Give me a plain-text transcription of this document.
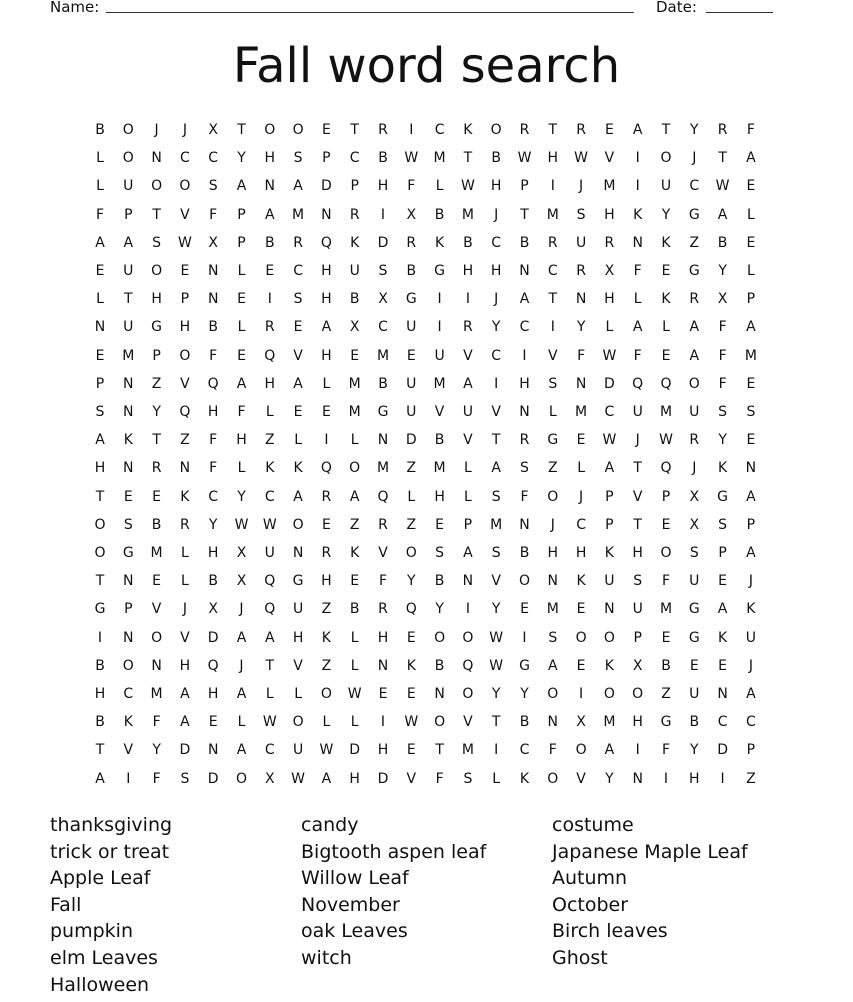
Name:	Date:
Fall word search
B	O	J	J	X	T	O	O	E	T	R	I	C	K	O	R	T	R	E	A	T	Y	R	F
L	O	N	C	C	Y	H	S	P	C	B	W	M	T	B	W	H	W	V	I	O	J	T	A
L	U	O	O	S	A	N	A	D	P	H	F	L	W	H	P	I	J	M	I	U	C	W	E
F	P	T	V	F	P	A	M	N	R	I	X	B	M	J	T	M	S	H	K	Y	G	A	L
A	A	S	W	X	P	B	R	Q	K	D	R	K	B	C	B	R	U	R	N	K	Z	B	E
E	U	O	E	N	L	E	C	H	U	S	B	G	H	H	N	C	R	X	F	E	G	Y	L
L	T	H	P	N	E	I	S	H	B	X	G	I	I	J	A	T	N	H	L	K	R	X	P
N	U	G	H	B	L	R	E	A	X	C	U	I	R	Y	C	I	Y	L	A	L	A	F	A
E	M	P	O	F	E	Q	V	H	E	M	E	U	V	C	I	V	F	W	F	E	A	F	M
P	N	Z	V	Q	A	H	A	L	M	B	U	M	A	I	H	S	N	D	Q	Q	O	F	E
S	N	Y	Q	H	F	L	E	E	M	G	U	V	U	V	N	L	M	C	U	M	U	S	S
A	K	T	Z	F	H	Z	L	I	L	N	D	B	V	T	R	G	E	W	J	W	R	Y	E
H	N	R	N	F	L	K	K	Q	O	M	Z	M	L	A	S	Z	L	A	T	Q	J	K	N
T	E	E	K	C	Y	C	A	R	A	Q	L	H	L	S	F	O	J	P	V	P	X	G	A
O	S	B	R	Y	W	W	O	E	Z	R	Z	E	P	M	N	J	C	P	T	E	X	S	P
O	G	M	L	H	X	U	N	R	K	V	O	S	A	S	B	H	H	K	H	O	S	P	A
T	N	E	L	B	X	Q	G	H	E	F	Y	B	N	V	O	N	K	U	S	F	U	E	J
G	P	V	J	X	J	Q	U	Z	B	R	Q	Y	I	Y	E	M	E	N	U	M	G	A	K
I	N	O	V	D	A	A	H	K	L	H	E	O	O	W	I	S	O	O	P	E	G	K	U
B	O	N	H	Q	J	T	V	Z	L	N	K	B	Q	W	G	A	E	K	X	B	E	E	J
H	C	M	A	H	A	L	L	O	W	E	E	N	O	Y	Y	O	I	O	O	Z	U	N	A
B	K	F	A	E	L	W	O	L	L	I	W	O	V	T	B	N	X	M	H	G	B	C	C
T	V	Y	D	N	A	C	U	W	D	H	E	T	M	I	C	F	O	A	I	F	Y	D	P
A	I	F	S	D	O	X	W	A	H	D	V	F	S	L	K	O	V	Y	N	I	H	I	Z
thanksgiving
trick or treat
Apple Leaf
Fall
pumpkin
elm Leaves
Halloween
candy
Bigtooth aspen leaf
Willow Leaf
November
oak Leaves
witch
costume
Japanese Maple Leaf
Autumn
October
Birch leaves
Ghost
